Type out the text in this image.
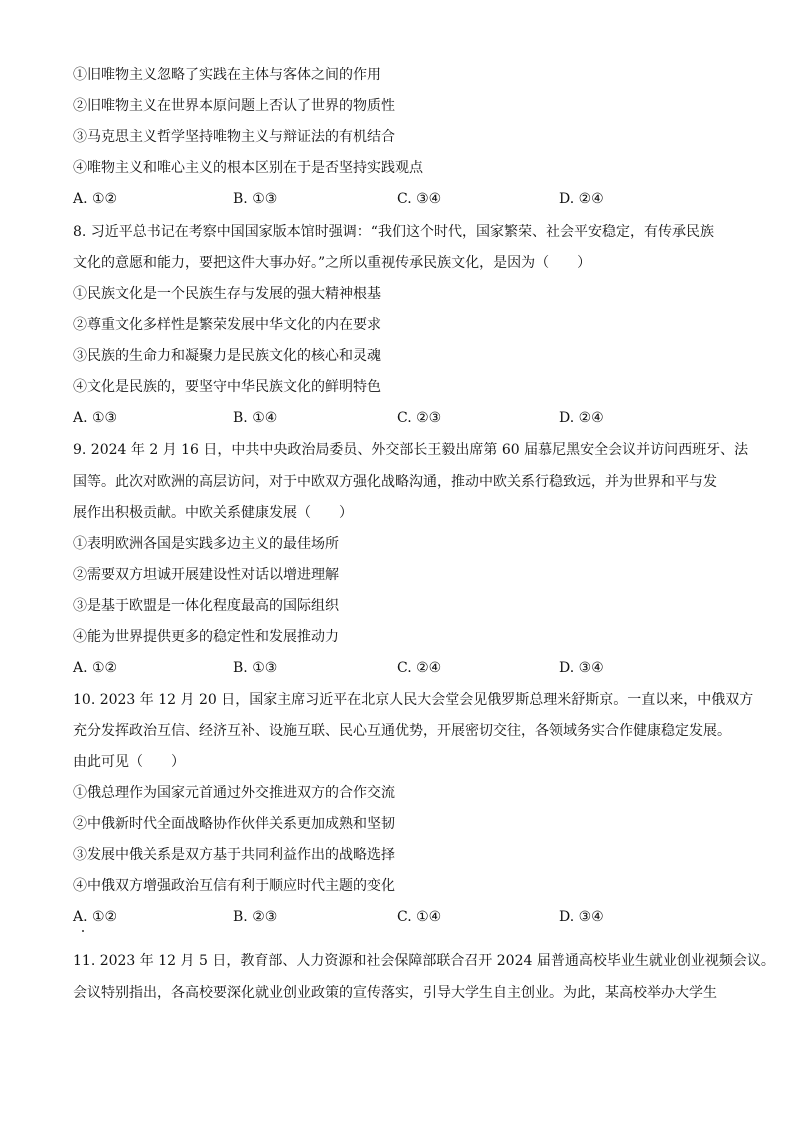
①旧唯物主义忽略了实践在主体与客体之间的作用
②旧唯物主义在世界本原问题上否认了世界的物质性
③马克思主义哲学坚持唯物主义与辩证法的有机结合
④唯物主义和唯心主义的根本区别在于是否坚持实践观点
A. ①②	B. ①③	C. ③④	D. ②④
8. 习近平总书记在考察中国国家版本馆时强调：“我们这个时代，国家繁荣、社会平安稳定，有传承民族
文化的意愿和能力，要把这件大事办好。”之所以重视传承民族文化，是因为（　　）
①民族文化是一个民族生存与发展的强大精神根基
②尊重文化多样性是繁荣发展中华文化的内在要求
③民族的生命力和凝聚力是民族文化的核心和灵魂
④文化是民族的，要坚守中华民族文化的鲜明特色
A. ①③	B. ①④	C. ②③	D. ②④
9. 2024 年 2 月 16 日，中共中央政治局委员、外交部长王毅出席第 60 届慕尼黑安全会议并访问西班牙、法
国等。此次对欧洲的高层访问，对于中欧双方强化战略沟通，推动中欧关系行稳致远，并为世界和平与发
展作出积极贡献。中欧关系健康发展（　　）
①表明欧洲各国是实践多边主义的最佳场所
②需要双方坦诚开展建设性对话以增进理解
③是基于欧盟是一体化程度最高的国际组织
④能为世界提供更多的稳定性和发展推动力
A. ①②	B. ①③	C. ②④	D. ③④
10. 2023 年 12 月 20 日，国家主席习近平在北京人民大会堂会见俄罗斯总理米舒斯京。一直以来，中俄双方
充分发挥政治互信、经济互补、设施互联、民心互通优势，开展密切交往，各领域务实合作健康稳定发展。
由此可见（　　）
①俄总理作为国家元首通过外交推进双方的合作交流
②中俄新时代全面战略协作伙伴关系更加成熟和坚韧
③发展中俄关系是双方基于共同利益作出的战略选择
④中俄双方增强政治互信有利于顺应时代主题的变化
A. ①②	B. ②③	C. ①④	D. ③④
11. 2023 年 12 月 5 日，教育部、人力资源和社会保障部联合召开 2024 届普通高校毕业生就业创业视频会议。
会议特别指出，各高校要深化就业创业政策的宣传落实，引导大学生自主创业。为此，某高校举办大学生
